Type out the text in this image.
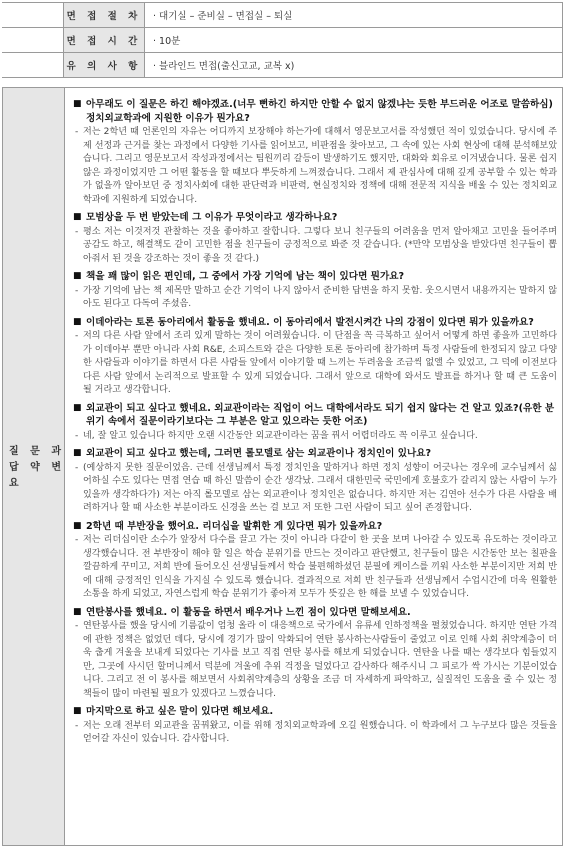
	면 접 절 차	· 대기실 – 준비실 – 면접실 – 퇴실
	면 접 시 간	· 10분
	유 의 사 항	· 블라인드 면접(출신고교, 교복 x)
질
답
요
문
약
과
변
■ 아무래도 이 질문은 하긴 해야겠죠.(너무 뻔하긴 하지만 안할 수 없지 않겠냐는 듯한 부드러운 어조로 말씀하심) 정치외교학과에 지원한 이유가 뭔가요?
- 저는 2학년 때 언론인의 자유는 어디까지 보장해야 하는가에 대해서 영문보고서를 작성했던 적이 있었습니다. 당시에 주제 선정과 근거를 찾는 과정에서 다양한 기사를 읽어보고, 비판점을 찾아보고, 그 속에 있는 사회 현상에 대해 분석해보았습니다. 그리고 영문보고서 작성과정에서는 팀원끼리 갈등이 발생하기도 했지만, 대화와 회유로 이겨냈습니다. 물론 쉽지 않은 과정이었지만 그 어떤 활동을 할 때보다 뿌듯하게 느껴졌습니다. 그래서 제 관심사에 대해 깊게 공부할 수 있는 학과가 없을까 알아보던 중 정치사회에 대한 판단력과 비판력, 현실정치와 정책에 대해 전문적 지식을 배울 수 있는 정치외교학과에 지원하게 되었습니다.
■ 모범상을 두 번 받았는데 그 이유가 무엇이라고 생각하나요?
- 평소 저는 이것저것 관찰하는 것을 좋아하고 잘합니다. 그렇다 보니 친구들의 어려움을 먼저 알아채고 고민을 들어주며 공감도 하고, 해결책도 같이 고민한 점을 친구들이 긍정적으로 봐준 것 같습니다. (*만약 모범상을 받았다면 친구들이 뽑아줘서 된 것을 강조하는 것이 좋을 것 같다.)
■ 책을 꽤 많이 읽은 편인데, 그 중에서 가장 기억에 남는 책이 있다면 뭔가요?
- 가장 기억에 남는 책 제목만 말하고 순간 기억이 나지 않아서 준비한 답변을 하지 못함. 웃으시면서 내용까지는 말하지 않아도 된다고 다독여 주셨음.
■ 이데아라는 토론 동아리에서 활동을 했네요. 이 동아리에서 발전시켜간 나의 강점이 있다면 뭐가 있을까요?
- 저의 다른 사람 앞에서 조리 있게 말하는 것이 어려웠습니다. 이 단점을 꼭 극복하고 싶어서 어떻게 하면 좋을까 고민하다가 이데아부 뿐만 아니라 사회 R&E, 소피스트와 같은 다양한 토론 동아리에 참가하며 특정 사람들에 한정되지 않고 다양한 사람들과 이야기를 하면서 다른 사람들 앞에서 이야기할 때 느끼는 두려움을 조금씩 없앨 수 있었고, 그 덕에 이전보다 다른 사람 앞에서 논리적으로 발표할 수 있게 되었습니다. 그래서 앞으로 대학에 와서도 발표를 하거나 할 때 큰 도움이 될 거라고 생각합니다.
■ 외교관이 되고 싶다고 했네요. 외교관이라는 직업이 어느 대학에서라도 되기 쉽지 않다는 건 알고 있죠?(유한 분위기 속에서 질문이라기보다는 그 부분은 알고 있으라는 듯한 어조)
- 네, 잘 알고 있습니다 하지만 오랜 시간동안 외교관이라는 꿈을 꿔서 어렵더라도 꼭 이루고 싶습니다.
■ 외교관이 되고 싶다고 했는데, 그러면 롤모델로 삼는 외교관이나 정치인이 있나요?
- (예상하지 못한 질문이었음. 근데 선생님께서 특정 정치인을 말하거나 하면 정치 성향이 어긋나는 경우에 교수님께서 싫어하실 수도 있다는 면접 연습 때 하신 말씀이 순간 생각났. 그래서 대한민국 국민에게 호불호가 갈리지 않는 사람이 누가 있을까 생각하다가) 저는 아직 롤모델로 삼는 외교관이나 정치인은 없습니다. 하지만 저는 김연아 선수가 다른 사람을 배려하거나 할 때 사소한 부분이라도 신경을 쓰는 걸 보고 저 또한 그런 사람이 되고 싶어 존경합니다.
■ 2학년 때 부반장을 했어요. 리더십을 발휘한 게 있다면 뭐가 있을까요?
- 저는 리더십이란 소수가 앞장서 다수를 끌고 가는 것이 아니라 다같이 한 곳을 보며 나아갈 수 있도록 유도하는 것이라고 생각했습니다. 전 부반장이 해야 할 일은 학습 분위기를 만드는 것이라고 판단했고, 친구들이 많은 시간동안 보는 칠판을 깔끔하게 꾸미고, 저희 반에 들어오신 선생님들께서 학습 불편해하셨던 분필에 케이스를 끼워 사소한 부분이지만 저희 반에 대해 긍정적인 인식을 가지실 수 있도록 했습니다. 결과적으로 저희 반 친구들과 선생님께서 수업시간에 더욱 원활한 소통을 하게 되었고, 자연스럽게 학습 분위기가 좋아져 모두가 뜻깊은 한 해를 보낼 수 있었습니다.
■ 연탄봉사를 했네요. 이 활동을 하면서 배우거나 느낀 점이 있다면 말해보세요.
- 연탄봉사를 했을 당시에 기름값이 엄청 올라 이 대응책으로 국가에서 유류세 인하정책을 펼쳤었습니다. 하지만 연탄 가격에 관한 정책은 없었던 데다, 당시에 경기가 많이 악화되어 연탄 봉사하는사람들이 줄었고 이로 인해 사회 취약계층이 더욱 춥게 겨울을 보내게 되었다는 기사를 보고 직접 연탄 봉사를 해보게 되었습니다. 연탄을 나를 때는 생각보다 힘들었지만, 그곳에 사시던 할머니께서 덕분에 겨울에 추위 걱정을 덜었다고 감사하다 해주시니 그 피로가 싹 가시는 기분이었습니다. 그리고 전 이 봉사를 해보면서 사회취약계층의 상황을 조금 더 자세하게 파악하고, 실질적인 도움을 줄 수 있는 정책들이 많이 마련될 필요가 있겠다고 느꼈습니다.
■ 마지막으로 하고 싶은 말이 있다면 해보세요.
- 저는 오래 전부터 외교관을 꿈꿔왔고, 이를 위해 정치외교학과에 오길 원했습니다. 이 학과에서 그 누구보다 많은 것들을 얻어갈 자신이 있습니다. 감사합니다.
